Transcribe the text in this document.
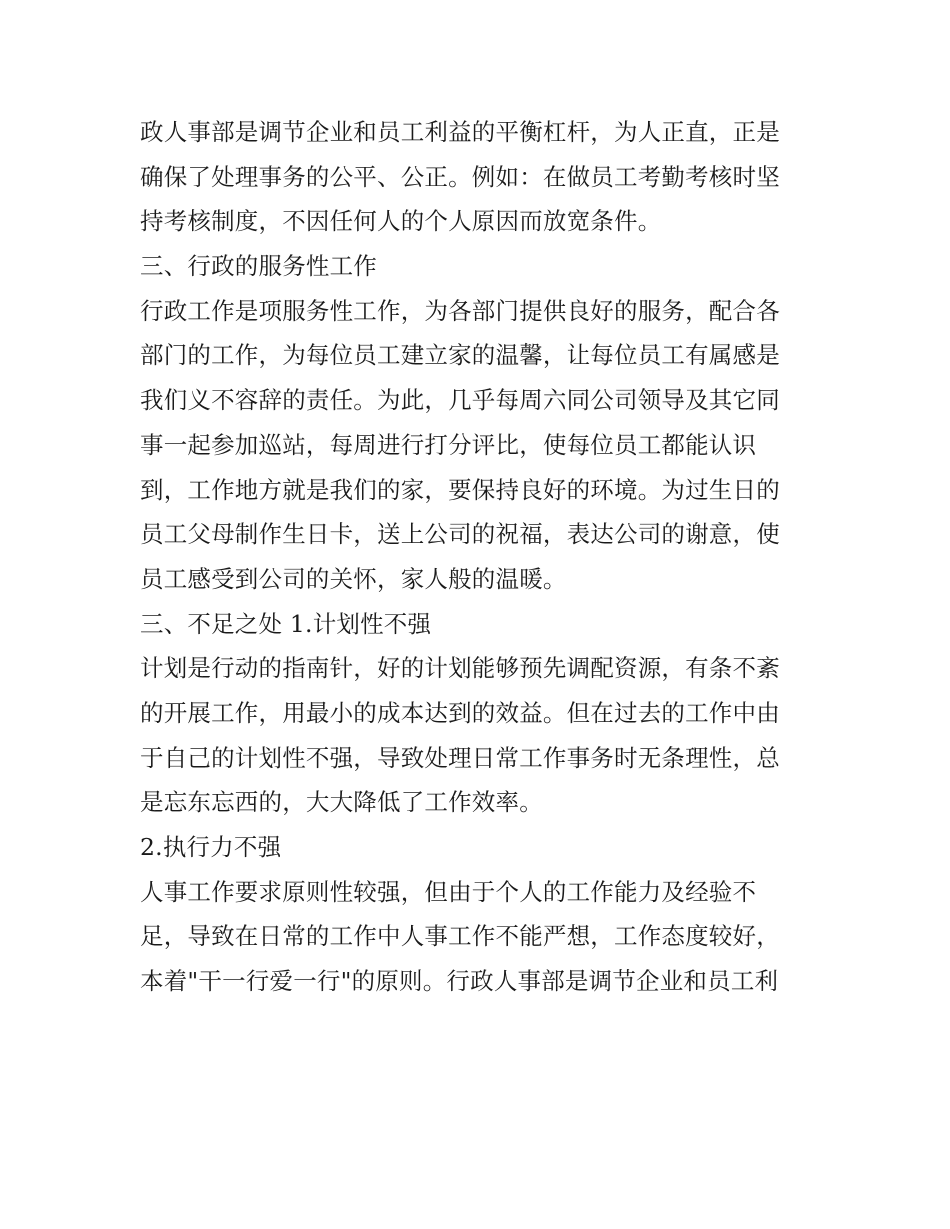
政人事部是调节企业和员工利益的平衡杠杆，为人正直，正是
确保了处理事务的公平、公正。例如：在做员工考勤考核时坚
持考核制度，不因任何人的个人原因而放宽条件。
三、行政的服务性工作
行政工作是项服务性工作，为各部门提供良好的服务，配合各
部门的工作，为每位员工建立家的温馨，让每位员工有属感是
我们义不容辞的责任。为此，几乎每周六同公司领导及其它同
事一起参加巡站，每周进行打分评比，使每位员工都能认识
到，工作地方就是我们的家，要保持良好的环境。为过生日的
员工父母制作生日卡，送上公司的祝福，表达公司的谢意，使
员工感受到公司的关怀，家人般的温暖。
三、不足之处 1.计划性不强
计划是行动的指南针，好的计划能够预先调配资源，有条不紊
的开展工作，用最小的成本达到的效益。但在过去的工作中由
于自己的计划性不强，导致处理日常工作事务时无条理性，总
是忘东忘西的，大大降低了工作效率。
2.执行力不强
人事工作要求原则性较强，但由于个人的工作能力及经验不
足，导致在日常的工作中人事工作不能严想，工作态度较好，
本着"干一行爱一行"的原则。行政人事部是调节企业和员工利
